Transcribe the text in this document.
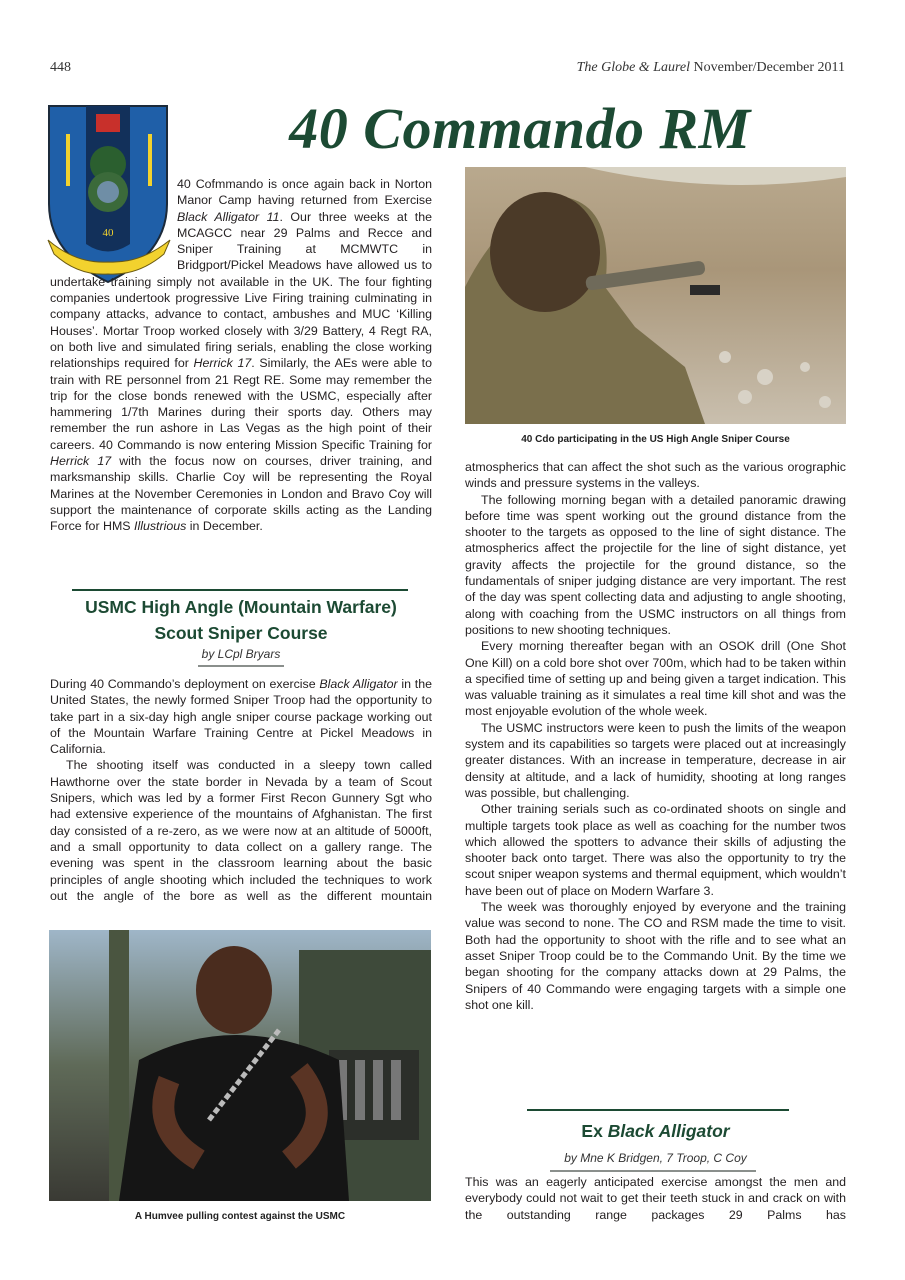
448	The Globe & Laurel November/December 2011
40 Commando RM
40

40 Cofmmando is once again back in Norton Manor Camp having returned from Exercise Black Alligator 11. Our three weeks at the MCAGCC near 29 Palms and Recce and Sniper Training at MCMWTC in Bridgport/Pickel Meadows have allowed us to undertake training simply not available in the UK. The four fighting companies undertook progressive Live Firing training culminating in company attacks, advance to contact, ambushes and MUC ‘Killing Houses’. Mortar Troop worked closely with 3/29 Battery, 4 Regt RA, on both live and simulated firing serials, enabling the close working relationships required for Herrick 17. Similarly, the AEs were able to train with RE personnel from 21 Regt RE. Some may remember the trip for the close bonds renewed with the USMC, especially after hammering 1/7th Marines during their sports day. Others may remember the run ashore in Las Vegas as the high point of their careers. 40 Commando is now entering Mission Specific Training for Herrick 17 with the focus now on courses, driver training, and marksmanship skills. Charlie Coy will be representing the Royal Marines at the November Ceremonies in London and Bravo Coy will support the maintenance of corporate skills acting as the Landing Force for HMS Illustrious in December.

USMC High Angle (Mountain Warfare)
Scout Sniper Course
by LCpl Bryars

During 40 Commando’s deployment on exercise Black Alligator in the United States, the newly formed Sniper Troop had the opportunity to take part in a six-day high angle sniper course package working out of the Mountain Warfare Training Centre at Pickel Meadows in California.

The shooting itself was conducted in a sleepy town called Hawthorne over the state border in Nevada by a team of Scout Snipers, which was led by a former First Recon Gunnery Sgt who had extensive experience of the mountains of Afghanistan. The first day consisted of a re-zero, as we were now at an altitude of 5000ft, and a small opportunity to data collect on a gallery range. The evening was spent in the classroom learning about the basic principles of angle shooting which included the techniques to work out the angle of the bore as well as the different mountain

A Humvee pulling contest against the USMC
40 Cdo participating in the US High Angle Sniper Course

atmospherics that can affect the shot such as the various orographic winds and pressure systems in the valleys.

The following morning began with a detailed panoramic drawing before time was spent working out the ground distance from the shooter to the targets as opposed to the line of sight distance. The atmospherics affect the projectile for the line of sight distance, yet gravity affects the projectile for the ground distance, so the fundamentals of sniper judging distance are very important. The rest of the day was spent collecting data and adjusting to angle shooting, along with coaching from the USMC instructors on all things from positions to new shooting techniques.

Every morning thereafter began with an OSOK drill (One Shot One Kill) on a cold bore shot over 700m, which had to be taken within a specified time of setting up and being given a target indication. This was valuable training as it simulates a real time kill shot and was the most enjoyable evolution of the whole week.

The USMC instructors were keen to push the limits of the weapon system and its capabilities so targets were placed out at increasingly greater distances. With an increase in temperature, decrease in air density at altitude, and a lack of humidity, shooting at long ranges was possible, but challenging.

Other training serials such as co-ordinated shoots on single and multiple targets took place as well as coaching for the number twos which allowed the spotters to advance their skills of adjusting the shooter back onto target. There was also the opportunity to try the scout sniper weapon systems and thermal equipment, which wouldn’t have been out of place on Modern Warfare 3.

The week was thoroughly enjoyed by everyone and the training value was second to none. The CO and RSM made the time to visit. Both had the opportunity to shoot with the rifle and to see what an asset Sniper Troop could be to the Commando Unit. By the time we began shooting for the company attacks down at 29 Palms, the Snipers of 40 Commando were engaging targets with a simple one shot one kill.

Ex Black Alligator
by Mne K Bridgen, 7 Troop, C Coy

This was an eagerly anticipated exercise amongst the men and everybody could not wait to get their teeth stuck in and crack on with the outstanding range packages 29 Palms has
